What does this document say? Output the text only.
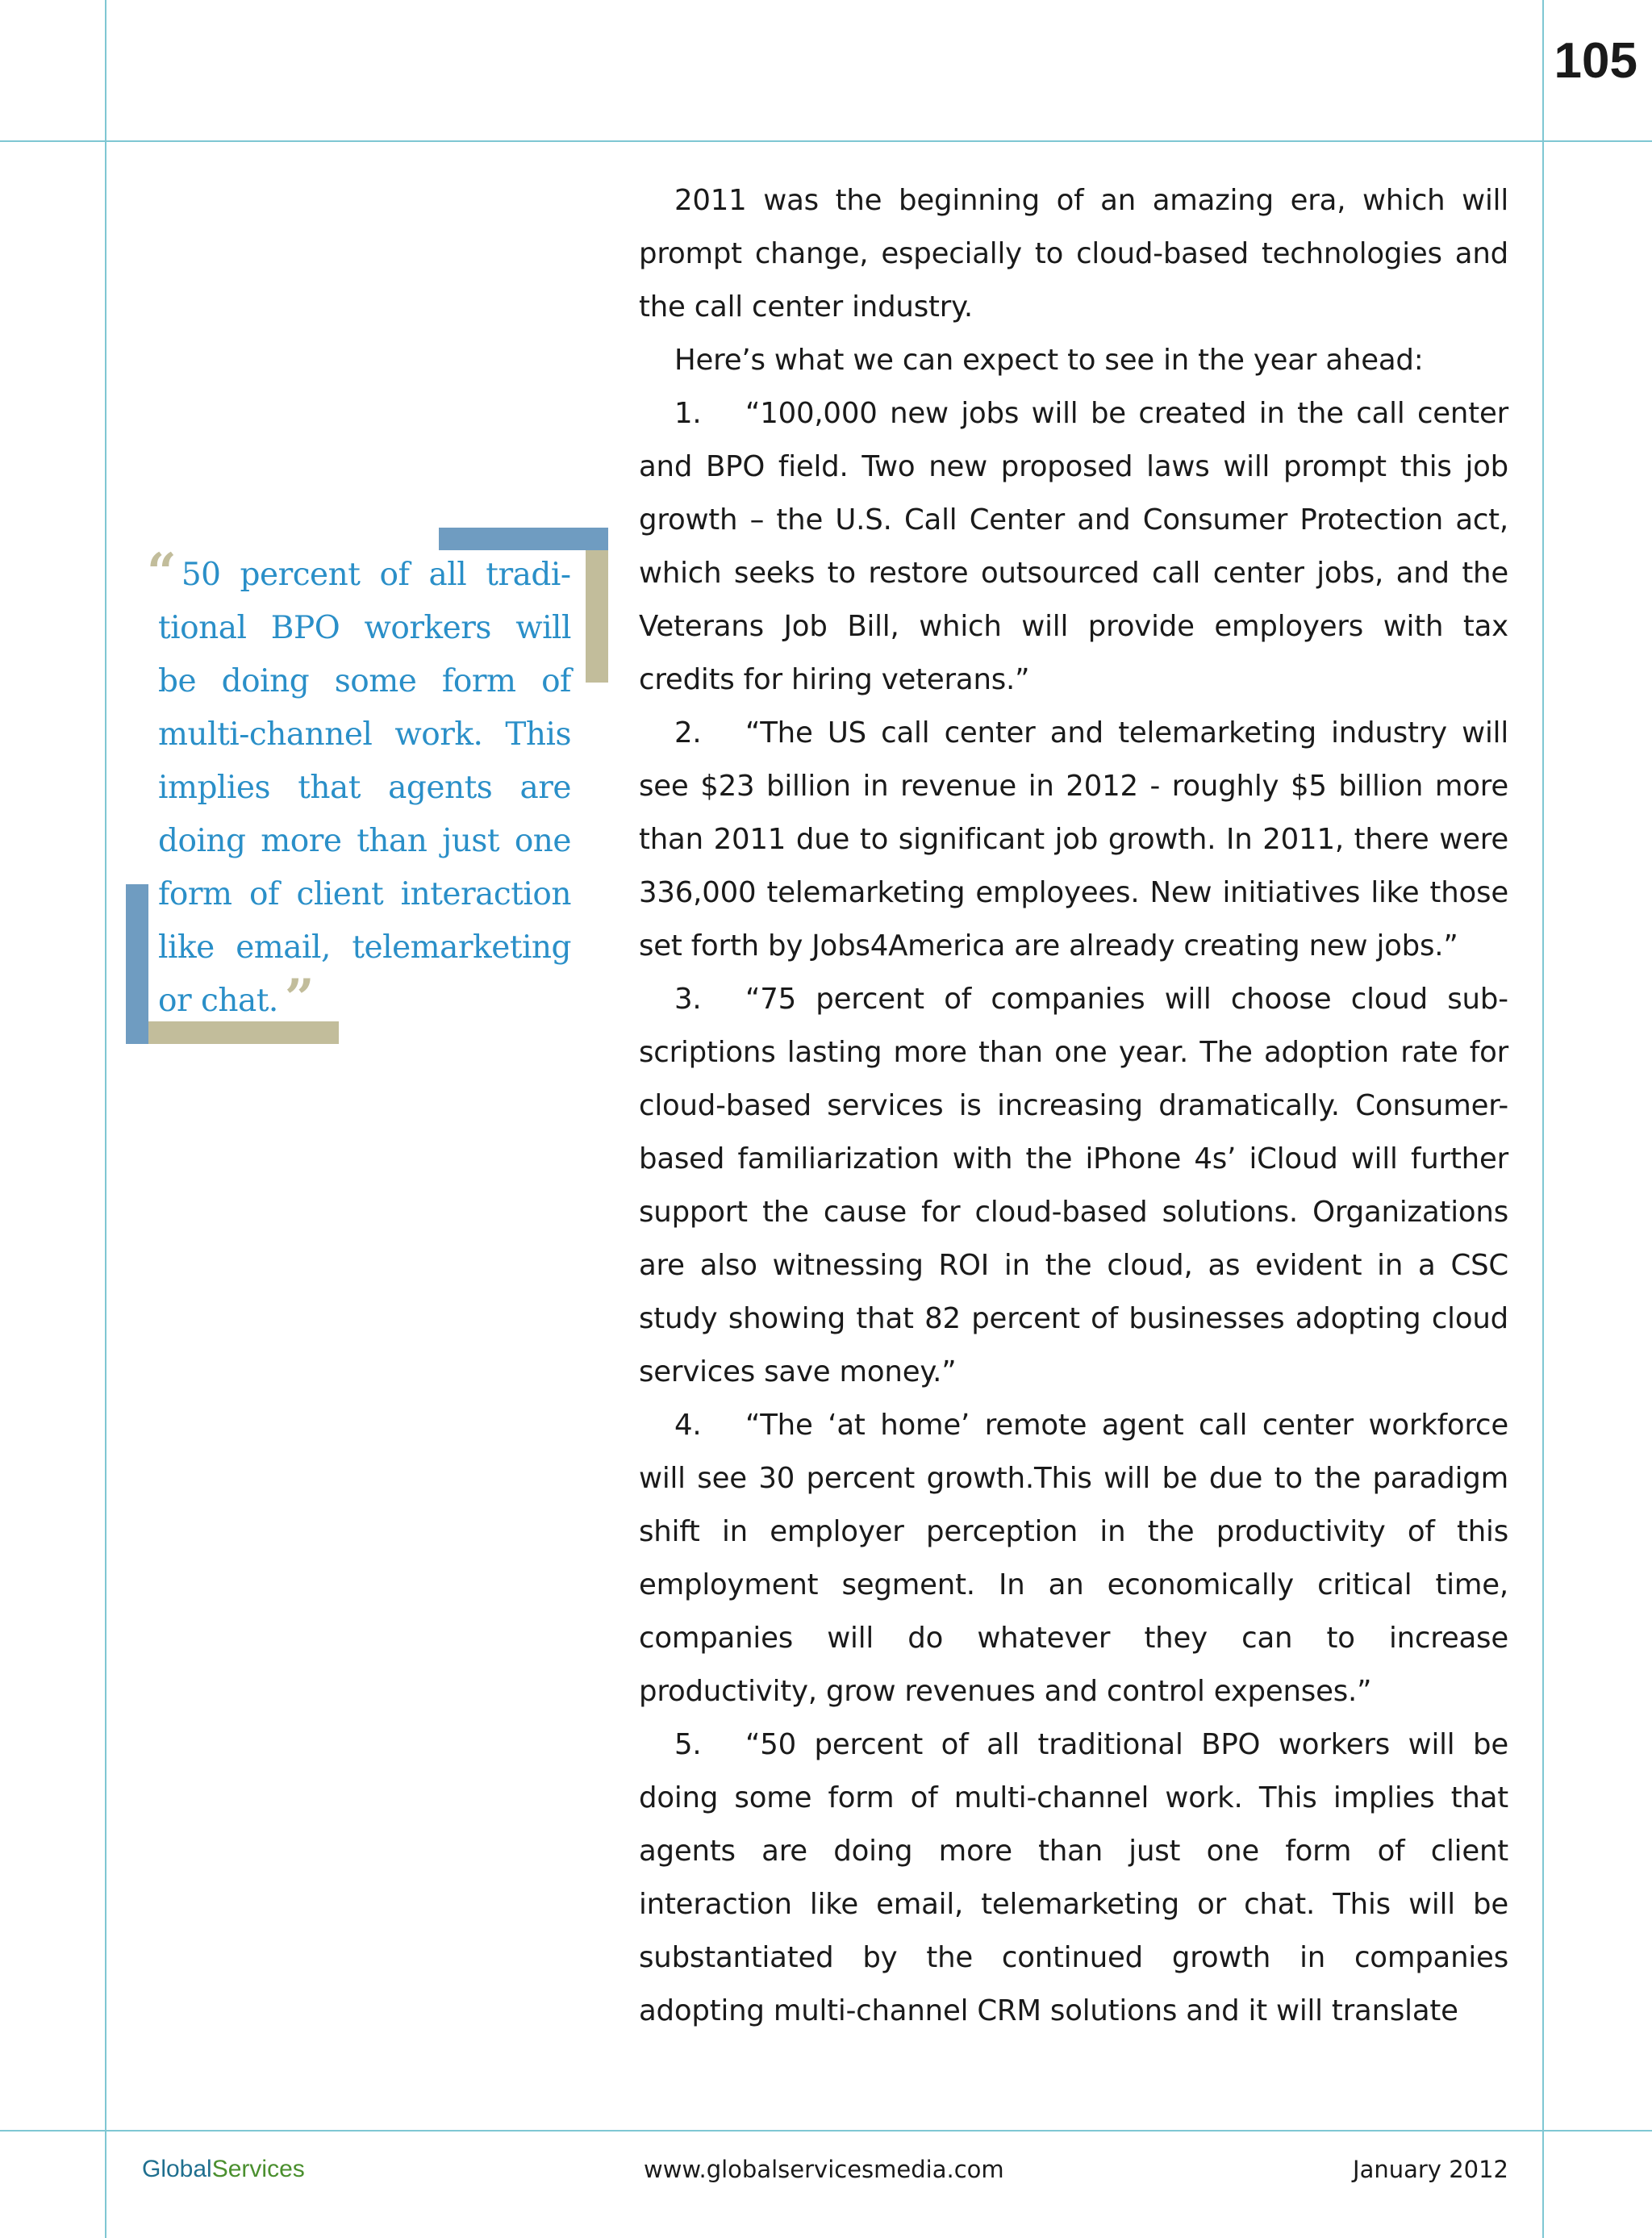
105

“ 50 percent of all traditional BPO workers will be doing some form of multi-channel work. This implies that agents are doing more than just one form of client interaction like email, telemarketing or chat. ”

2011 was the beginning of an amazing era, which will prompt change, especially to cloud-based technologies and the call center industry.

Here’s what we can expect to see in the year ahead:

1. “100,000 new jobs will be created in the call center and BPO field. Two new proposed laws will prompt this job growth – the U.S. Call Center and Consumer Protection act, which seeks to restore outsourced call center jobs, and the Veterans Job Bill, which will provide employers with tax credits for hiring veterans.”

2. “The US call center and telemarketing industry will see $23 billion in revenue in 2012 - roughly $5 billion more than 2011 due to significant job growth. In 2011, there were 336,000 telemarketing employees. New initiatives like those set forth by Jobs4America are already creating new jobs.”

3. “75 percent of companies will choose cloud subscriptions lasting more than one year. The adoption rate for cloud-based services is increasing dramatically. Consumer-based familiarization with the iPhone 4s’ iCloud will further support the cause for cloud-based solutions. Organizations are also witnessing ROI in the cloud, as evident in a CSC study showing that 82 percent of businesses adopting cloud services save money.”

4. “The ‘at home’ remote agent call center workforce will see 30 percent growth.This will be due to the paradigm shift in employer perception in the productivity of this employment segment. In an economically critical time, companies will do whatever they can to increase productivity, grow revenues and control expenses.”

5. “50 percent of all traditional BPO workers will be doing some form of multi-channel work. This implies that agents are doing more than just one form of client interaction like email, telemarketing or chat. This will be substantiated by the continued growth in companies adopting multi-channel CRM solutions and it will translate

GlobalServices	www.globalservicesmedia.com	January 2012
